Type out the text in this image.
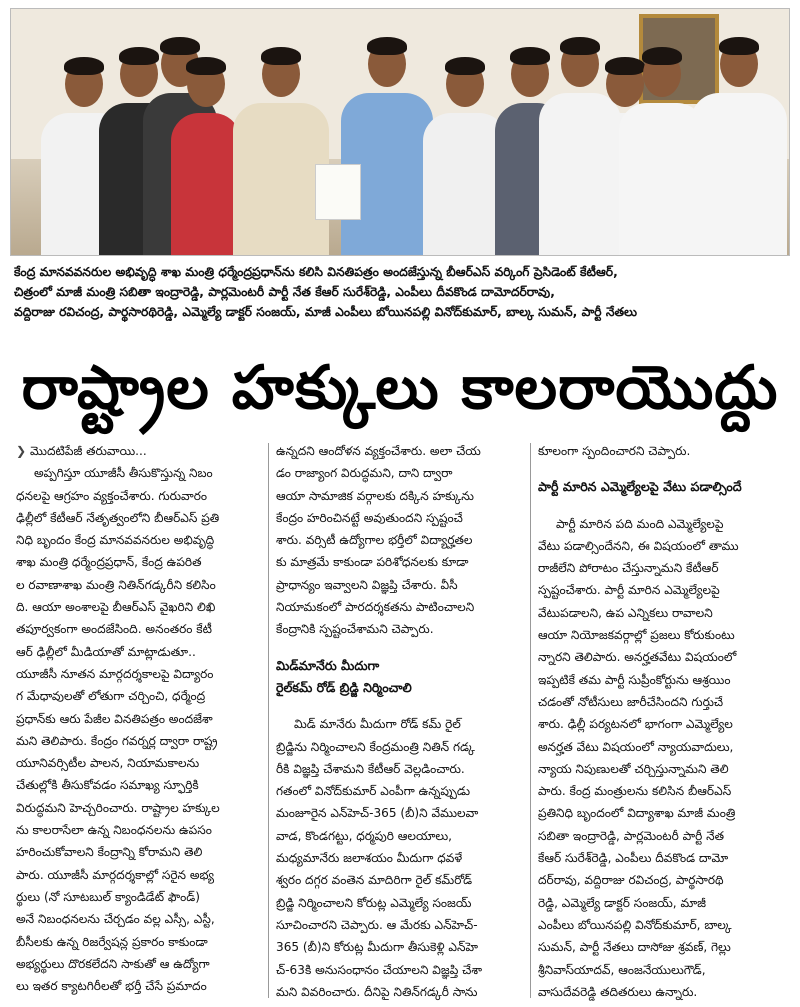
కేంద్ర మానవవనరుల అభివృద్ధి శాఖ మంత్రి ధర్మేంద్రప్రధాన్‌ను కలిసి వినతిపత్రం అందజేస్తున్న బీఆర్‌ఎస్‌ వర్కింగ్‌ ప్రెసిడెంట్‌ కేటీఆర్‌,

చిత్రంలో మాజీ మంత్రి సబితా ఇంద్రారెడ్డి, పార్లమెంటరీ పార్టీ నేత కేఆర్‌ సురేశ్‌రెడ్డి, ఎంపీలు దీవకొండ దామోదర్‌రావు,

వద్దిరాజు రవిచంద్ర, పార్థసారథిరెడ్డి, ఎమ్మెల్యే డాక్టర్‌ సంజయ్‌, మాజీ ఎంపీలు బోయినపల్లి వినోద్‌కుమార్‌, బాల్క సుమన్‌, పార్టీ నేతలు

రాష్ట్రాల హక్కులు కాలరాయొద్దు

❯ మొదటిపేజీ తరువాయి...

అప్పగిస్తూ యూజీసీ తీసుకొస్తున్న నిబం

ధనలపై ఆగ్రహం వ్యక్తంచేశారు. గురువారం

ఢిల్లీలో కేటీఆర్‌ నేతృత్వంలోని బీఆర్‌ఎస్‌ ప్రతి

నిధి బృందం కేంద్ర మానవవనరుల అభివృద్ధి

శాఖ మంత్రి ధర్మేంద్రప్రధాన్‌, కేంద్ర ఉపరిత

ల రవాణాశాఖ మంత్రి నితిన్‌గడ్కరీని కలిసిం

ది. ఆయా అంశాలపై బీఆర్‌ఎస్‌ వైఖరిని లిఖి

తపూర్వకంగా అందజేసింది. అనంతరం కేటీ

ఆర్‌ ఢిల్లీలో మీడియాతో మాట్లాడుతూ..

యూజీసీ నూతన మార్గదర్శకాలపై విద్యారం

గ మేధావులతో లోతుగా చర్చించి, ధర్మేంద్ర

ప్రధాన్‌కు ఆరు పేజీల వినతిపత్రం అందజేశా

మని తెలిపారు. కేంద్రం గవర్నర్ల ద్వారా రాష్ట్ర

యూనివర్సిటీల పాలన, నియామకాలను

చేతుల్లోకి తీసుకోవడం సమాఖ్య స్ఫూర్తికి

విరుద్ధమని హెచ్చరించారు. రాష్ట్రాల హక్కుల

ను కాలరాసేలా ఉన్న నిబంధనలను ఉపసం

హరించుకోవాలని కేంద్రాన్ని కోరామని తెలి

పారు. యూజీసీ మార్గదర్శకాల్లో సరైన అభ్య

ర్థులు (నో సూటబుల్‌ క్యాండిడేట్‌ ఫౌండ్‌)

అనే నిబంధనలను చేర్చడం వల్ల ఎస్సీ, ఎస్టీ,

బీసీలకు ఉన్న రిజర్వేషన్ల ప్రకారం కాకుండా

అభ్యర్థులు దొరకలేదని సాకుతో ఆ ఉద్యోగా

లు ఇతర క్యాటగిరీలతో భర్తీ చేసే ప్రమాదం

ఉన్నదని ఆందోళన వ్యక్తంచేశారు. అలా చేయ

డం రాజ్యాంగ విరుద్ధమని, దాని ద్వారా

ఆయా సామాజిక వర్గాలకు దక్కిన హక్కును

కేంద్రం హరించినట్టే అవుతుందని స్పష్టంచే

శారు. వర్సిటీ ఉద్యోగాల భర్తీలో విద్యార్హతల

కు మాత్రమే కాకుండా పరిశోధనలకు కూడా

ప్రాధాన్యం ఇవ్వాలని విజ్ఞప్తి చేశారు. వీసీ

నియామకంలో పారదర్శకతను పాటించాలని

కేంద్రానికి స్పష్టంచేశామని చెప్పారు.

మిడ్‌మానేరు మీదుగా

రైల్‌కమ్‌ రోడ్‌ బ్రిడ్జి నిర్మించాలి

మిడ్‌ మానేరు మీదుగా రోడ్‌ కమ్‌ రైల్‌

బ్రిడ్జిను నిర్మించాలని కేంద్రమంత్రి నితిన్‌ గడ్క

రీకి విజ్ఞప్తి చేశామని కేటీఆర్‌ వెల్లడించారు.

గతంలో వినోద్‌కుమార్‌ ఎంపీగా ఉన్నప్పుడు

మంజూరైన ఎన్‌హెచ్‌-365 (బీ)ని వేములవా

వాడ, కొండగట్టు, ధర్మపురి ఆలయాలు,

మధ్యమానేరు జలాశయం మీదుగా ధవళే

శ్వరం దగ్గర వంతెన మాదిరిగా రైల్‌ కమ్‌రోడ్‌

బ్రిడ్జి నిర్మించాలని కోరుట్ల ఎమ్మెల్యే సంజయ్‌

సూచించారని చెప్పారు. ఆ మేరకు ఎన్‌హెచ్‌-

365 (బీ)ని కోరుట్ల మీదుగా తీసుకెళ్లి ఎన్‌హె

చ్‌-63కి అనుసంధానం చేయాలని విజ్ఞప్తి చేశా

మని వివరించారు. దీనిపై నితిన్‌గడ్కరీ సాను

కూలంగా స్పందించారని చెప్పారు.

పార్టీ మారిన ఎమ్మెల్యేలపై వేటు పడాల్సిందే

పార్టీ మారిన పది మంది ఎమ్మెల్యేలపై

వేటు పడాల్సిందేనని, ఈ విషయంలో తాము

రాజీలేని పోరాటం చేస్తున్నామని కేటీఆర్‌

స్పష్టంచేశారు. పార్టీ మారిన ఎమ్మెల్యేలపై

వేటుపడాలని, ఉప ఎన్నికలు రావాలని

ఆయా నియోజకవర్గాల్లో ప్రజలు కోరుకుంటు

న్నారని తెలిపారు. అనర్హతవేటు విషయంలో

ఇప్పటికే తమ పార్టీ సుప్రీంకోర్టును ఆశ్రయిం

చడంతో నోటీసులు జారీచేసిందని గుర్తుచే

శారు. ఢిల్లీ పర్యటనలో భాగంగా ఎమ్మెల్యేల

అనర్హత వేటు విషయంలో న్యాయవాదులు,

న్యాయ నిపుణులతో చర్చిస్తున్నామని తెలి

పారు. కేంద్ర మంత్రులను కలిసిన బీఆర్‌ఎస్‌

ప్రతినిధి బృందంలో విద్యాశాఖ మాజీ మంత్రి

సబితా ఇంద్రారెడ్డి, పార్లమెంటరీ పార్టీ నేత

కేఆర్‌ సురేశ్‌రెడ్డి, ఎంపీలు దీవకొండ దామో

దర్‌రావు, వద్దిరాజు రవిచంద్ర, పార్థసారథి

రెడ్డి, ఎమ్మెల్యే డాక్టర్‌ సంజయ్‌, మాజీ

ఎంపీలు బోయినపల్లి వినోద్‌కుమార్‌, బాల్క

సుమన్‌, పార్టీ నేతలు దాసోజు శ్రవణ్‌, గెల్లు

శ్రీనివాస్‌యాదవ్‌, ఆంజనేయులుగౌడ్‌,

వాసుదేవరెడ్డి తదితరులు ఉన్నారు.
